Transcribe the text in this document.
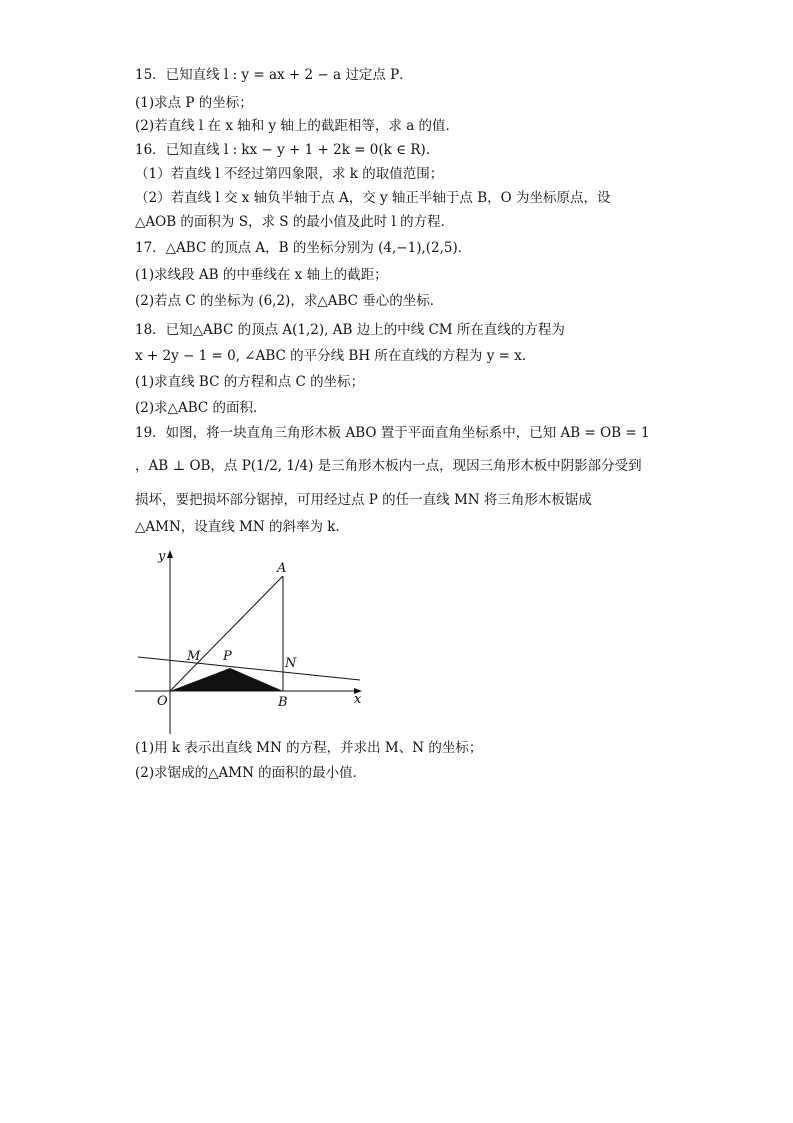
15．已知直线 l : y = ax + 2 − a 过定点 P．
(1)求点 P 的坐标；
(2)若直线 l 在 x 轴和 y 轴上的截距相等，求 a 的值．
16．已知直线 l : kx − y + 1 + 2k = 0(k ∈ R)．
（1）若直线 l 不经过第四象限，求 k 的取值范围；
（2）若直线 l 交 x 轴负半轴于点 A，交 y 轴正半轴于点 B，O 为坐标原点，设
△AOB 的面积为 S，求 S 的最小值及此时 l 的方程．
17．△ABC 的顶点 A，B 的坐标分别为 (4,−1),(2,5)．
(1)求线段 AB 的中垂线在 x 轴上的截距；
(2)若点 C 的坐标为 (6,2)，求△ABC 垂心的坐标．
18．已知△ABC 的顶点 A(1,2), AB 边上的中线 CM 所在直线的方程为
x + 2y − 1 = 0, ∠ABC 的平分线 BH 所在直线的方程为 y = x．
(1)求直线 BC 的方程和点 C 的坐标；
(2)求△ABC 的面积．
19．如图，将一块直角三角形木板 ABO 置于平面直角坐标系中，已知 AB = OB = 1
，AB ⊥ OB，点 P(1/2, 1/4) 是三角形木板内一点，现因三角形木板中阴影部分受到
损坏，要把损坏部分锯掉，可用经过点 P 的任一直线 MN 将三角形木板锯成
△AMN，设直线 MN 的斜率为 k．
y
x
A
M P	N
O	B
(1)用 k 表示出直线 MN 的方程，并求出 M、N 的坐标；
(2)求锯成的△AMN 的面积的最小值．
